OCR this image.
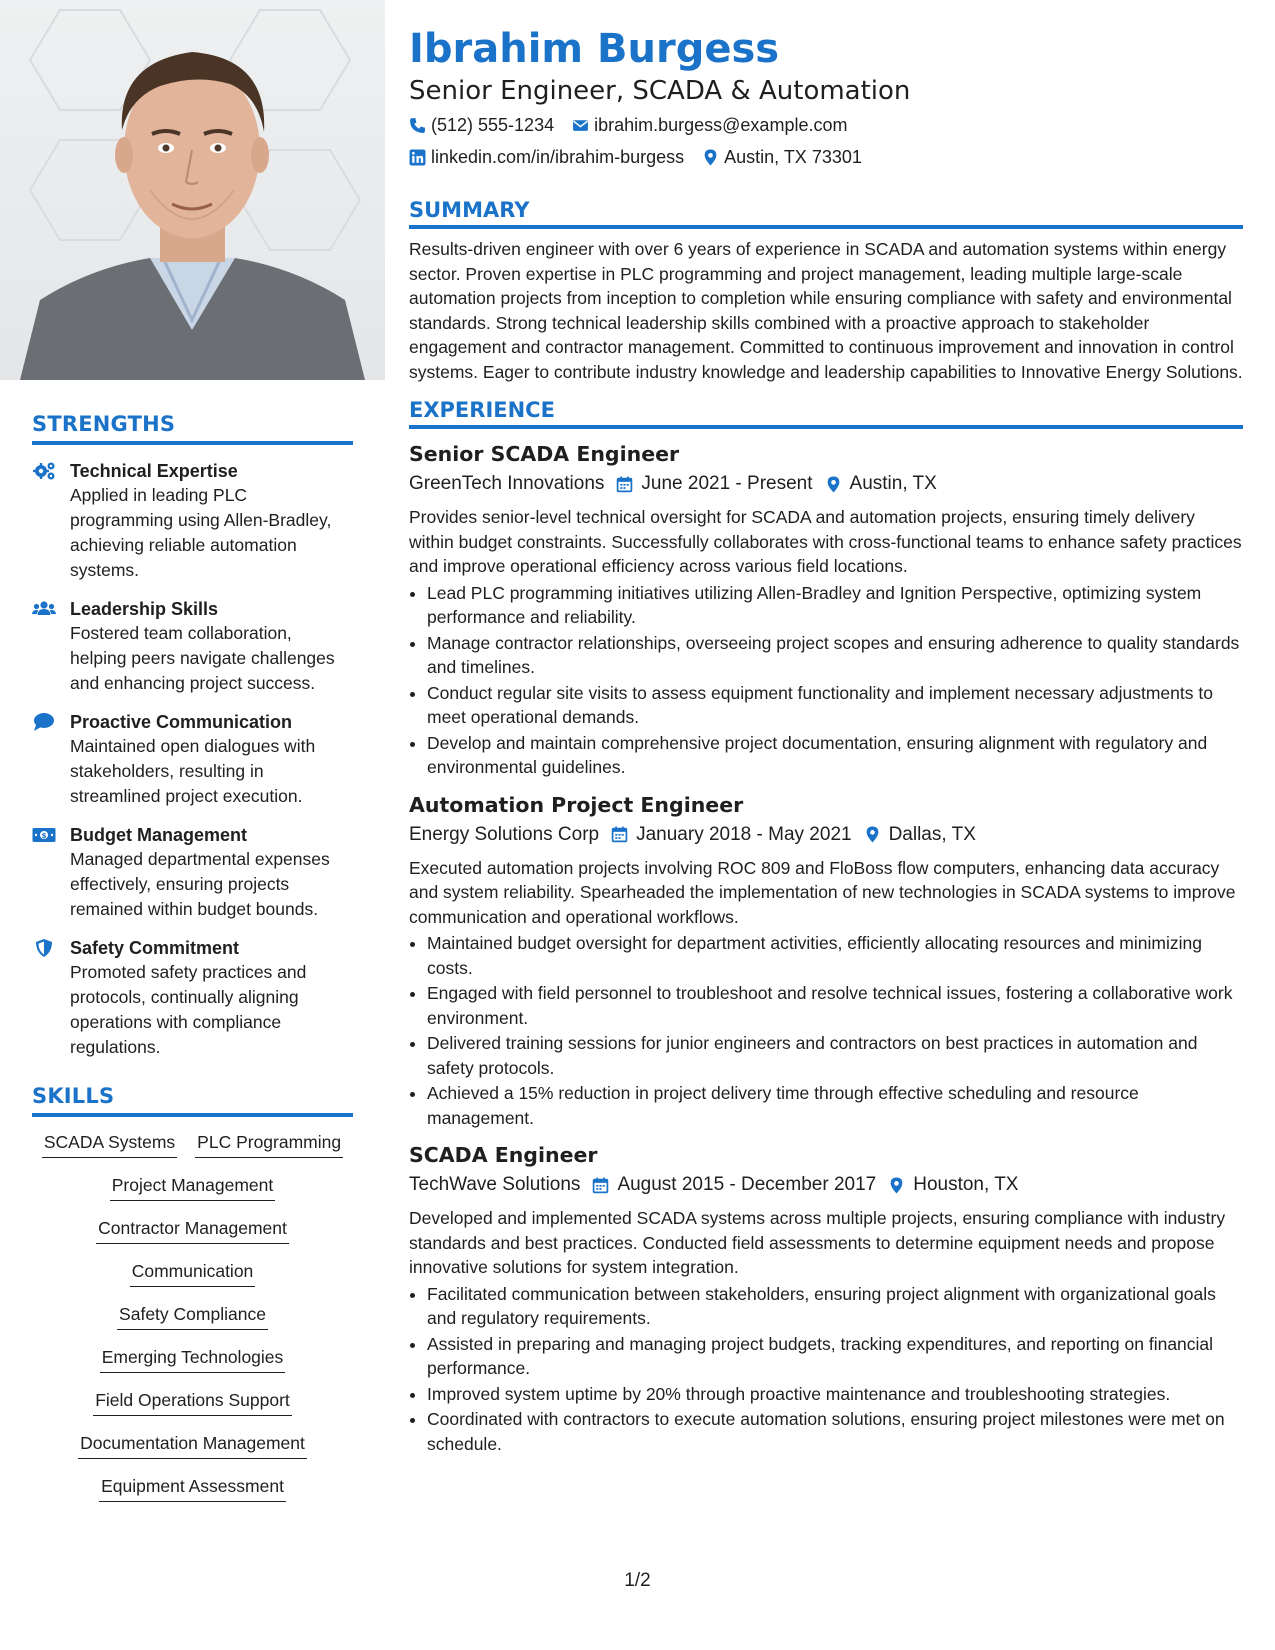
STRENGTHS
Technical Expertise
Applied in leading PLC programming using Allen-Bradley, achieving reliable automation systems.
Leadership Skills
Fostered team collaboration, helping peers navigate challenges and enhancing project success.
Proactive Communication
Maintained open dialogues with stakeholders, resulting in streamlined project execution.
$ Budget Management
Managed departmental expenses effectively, ensuring projects remained within budget bounds.
Safety Commitment
Promoted safety practices and protocols, continually aligning operations with compliance regulations.
SKILLS
SCADA Systems PLC Programming
Project Management
Contractor Management
Communication
Safety Compliance
Emerging Technologies
Field Operations Support
Documentation Management
Equipment Assessment
Ibrahim Burgess
Senior Engineer, SCADA & Automation
(512) 555-1234 ibrahim.burgess@example.com
linkedin.com/in/ibrahim-burgess Austin, TX 73301
SUMMARY

Results-driven engineer with over 6 years of experience in SCADA and automation systems within energy sector. Proven expertise in PLC programming and project management, leading multiple large-scale automation projects from inception to completion while ensuring compliance with safety and environmental standards. Strong technical leadership skills combined with a proactive approach to stakeholder engagement and contractor management. Committed to continuous improvement and innovation in control systems. Eager to contribute industry knowledge and leadership capabilities to Innovative Energy Solutions.

EXPERIENCE
Senior SCADA Engineer
GreenTech Innovations June 2021 - Present Austin, TX

Provides senior-level technical oversight for SCADA and automation projects, ensuring timely delivery within budget constraints. Successfully collaborates with cross-functional teams to enhance safety practices and improve operational efficiency across various field locations.

• Lead PLC programming initiatives utilizing Allen-Bradley and Ignition Perspective, optimizing system performance and reliability.
• Manage contractor relationships, overseeing project scopes and ensuring adherence to quality standards and timelines.
• Conduct regular site visits to assess equipment functionality and implement necessary adjustments to meet operational demands.
• Develop and maintain comprehensive project documentation, ensuring alignment with regulatory and environmental guidelines.
Automation Project Engineer
Energy Solutions Corp January 2018 - May 2021 Dallas, TX

Executed automation projects involving ROC 809 and FloBoss flow computers, enhancing data accuracy and system reliability. Spearheaded the implementation of new technologies in SCADA systems to improve communication and operational workflows.

• Maintained budget oversight for department activities, efficiently allocating resources and minimizing costs.
• Engaged with field personnel to troubleshoot and resolve technical issues, fostering a collaborative work environment.
• Delivered training sessions for junior engineers and contractors on best practices in automation and safety protocols.
• Achieved a 15% reduction in project delivery time through effective scheduling and resource management.
SCADA Engineer
TechWave Solutions August 2015 - December 2017 Houston, TX

Developed and implemented SCADA systems across multiple projects, ensuring compliance with industry standards and best practices. Conducted field assessments to determine equipment needs and propose innovative solutions for system integration.

• Facilitated communication between stakeholders, ensuring project alignment with organizational goals and regulatory requirements.
• Assisted in preparing and managing project budgets, tracking expenditures, and reporting on financial performance.
• Improved system uptime by 20% through proactive maintenance and troubleshooting strategies.
• Coordinated with contractors to execute automation solutions, ensuring project milestones were met on schedule.
1/2
